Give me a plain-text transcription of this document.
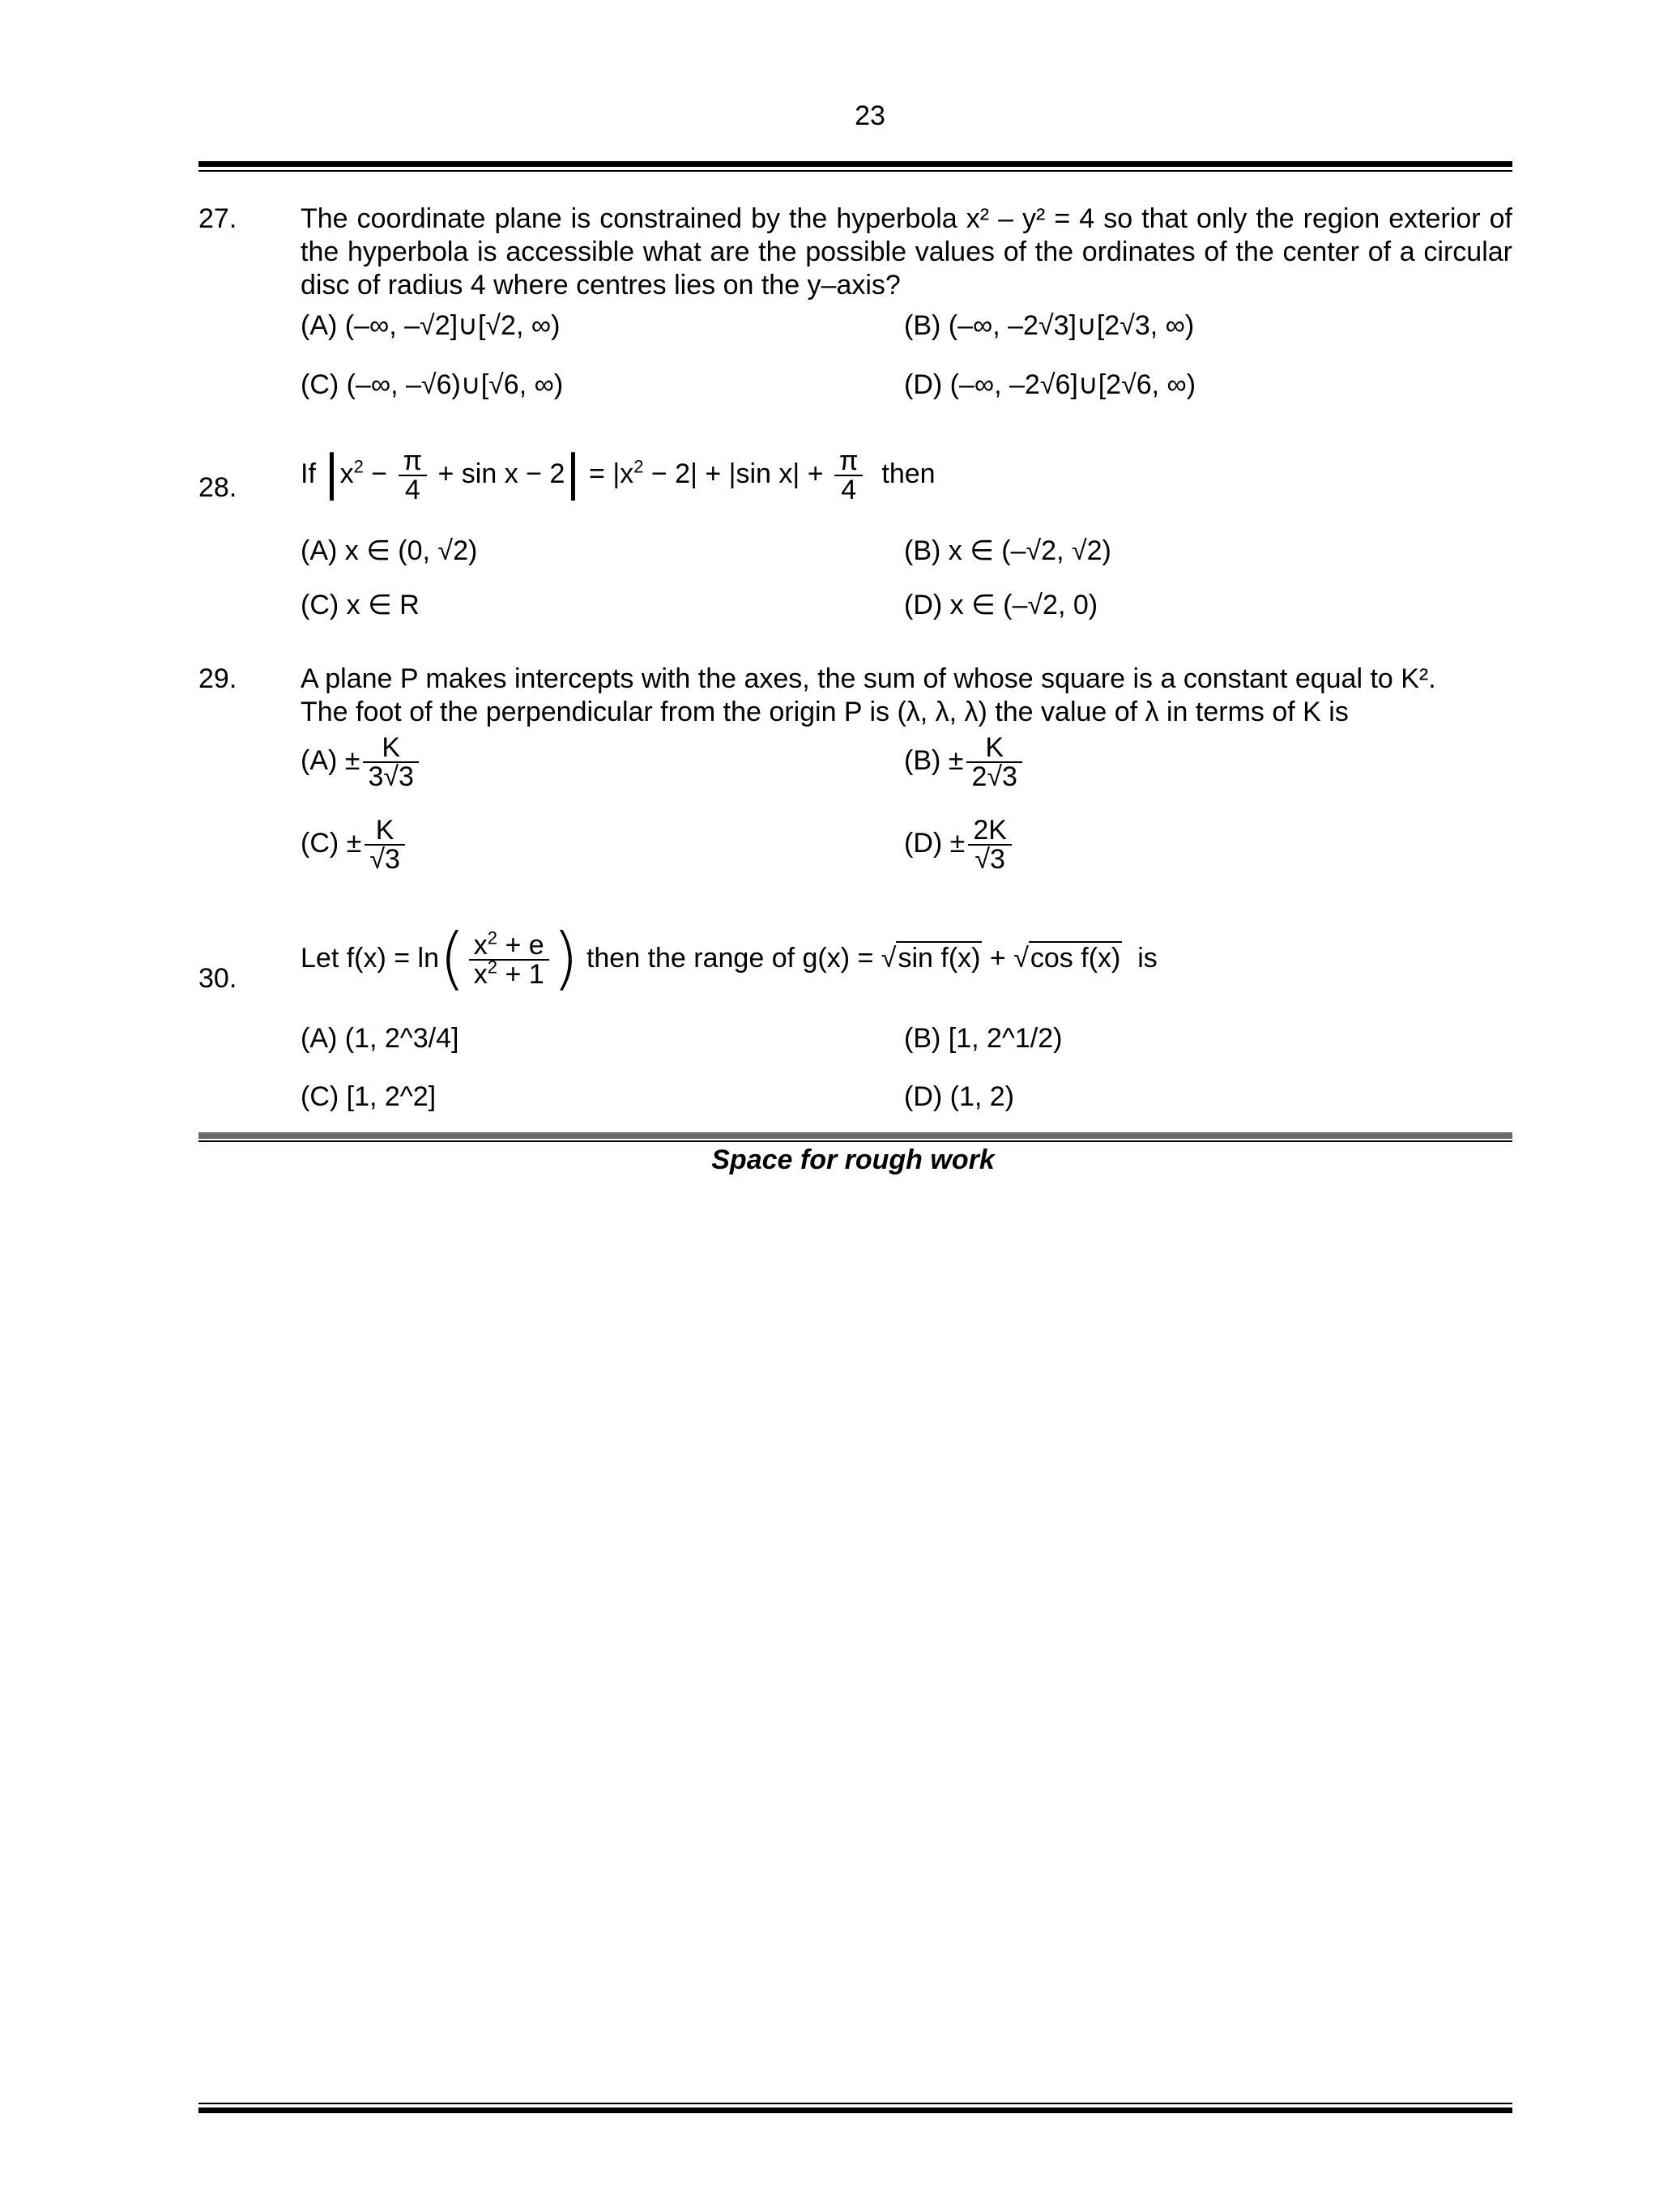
23
27. The coordinate plane is constrained by the hyperbola x² – y² = 4 so that only the region exterior of the hyperbola is accessible what are the possible values of the ordinates of the center of a circular disc of radius 4 where centres lies on the y–axis?
(A) (–∞, –√2]∪[√2, ∞)	(B) (–∞, –2√3]∪[2√3, ∞)
(C) (–∞, –√6)∪[√6, ∞)	(D) (–∞, –2√6]∪[2√6, ∞)
28. If $|x^2 - \frac{\pi}{4} + \sin x - 2| = |x^2 - 2| + |\sin$ $x| + \frac{\pi}{4}$ then
(A) x ∈ (0, √2)	(B) x ∈ (–√2, √2)
(C) x ∈ R	(D) x ∈ (–√2, 0)
29. A plane P makes intercepts with the axes, the sum of whose square is a constant equal to K².
The foot of the perpendicular from the origin P is (λ, λ, λ) the value of λ in terms of K is
$(A) \pm \frac{K}{3√3}$	$(B) \pm \frac{K}{2√3}$
$(C) \pm \frac{K}{√3}$	$(D) \pm \frac{2K}{√3}$
30.
Let $f(x) = \ln( \frac{x^2 + e}{x^2 + 1}$ ) then the range of g(x) = √sin f(x) + √cos f(x) is
(A) (1, 2^3/4]	(B) [1, 2^1/2)
(C) [1, 2^2]	(D) (1, 2)
Space for rough work
